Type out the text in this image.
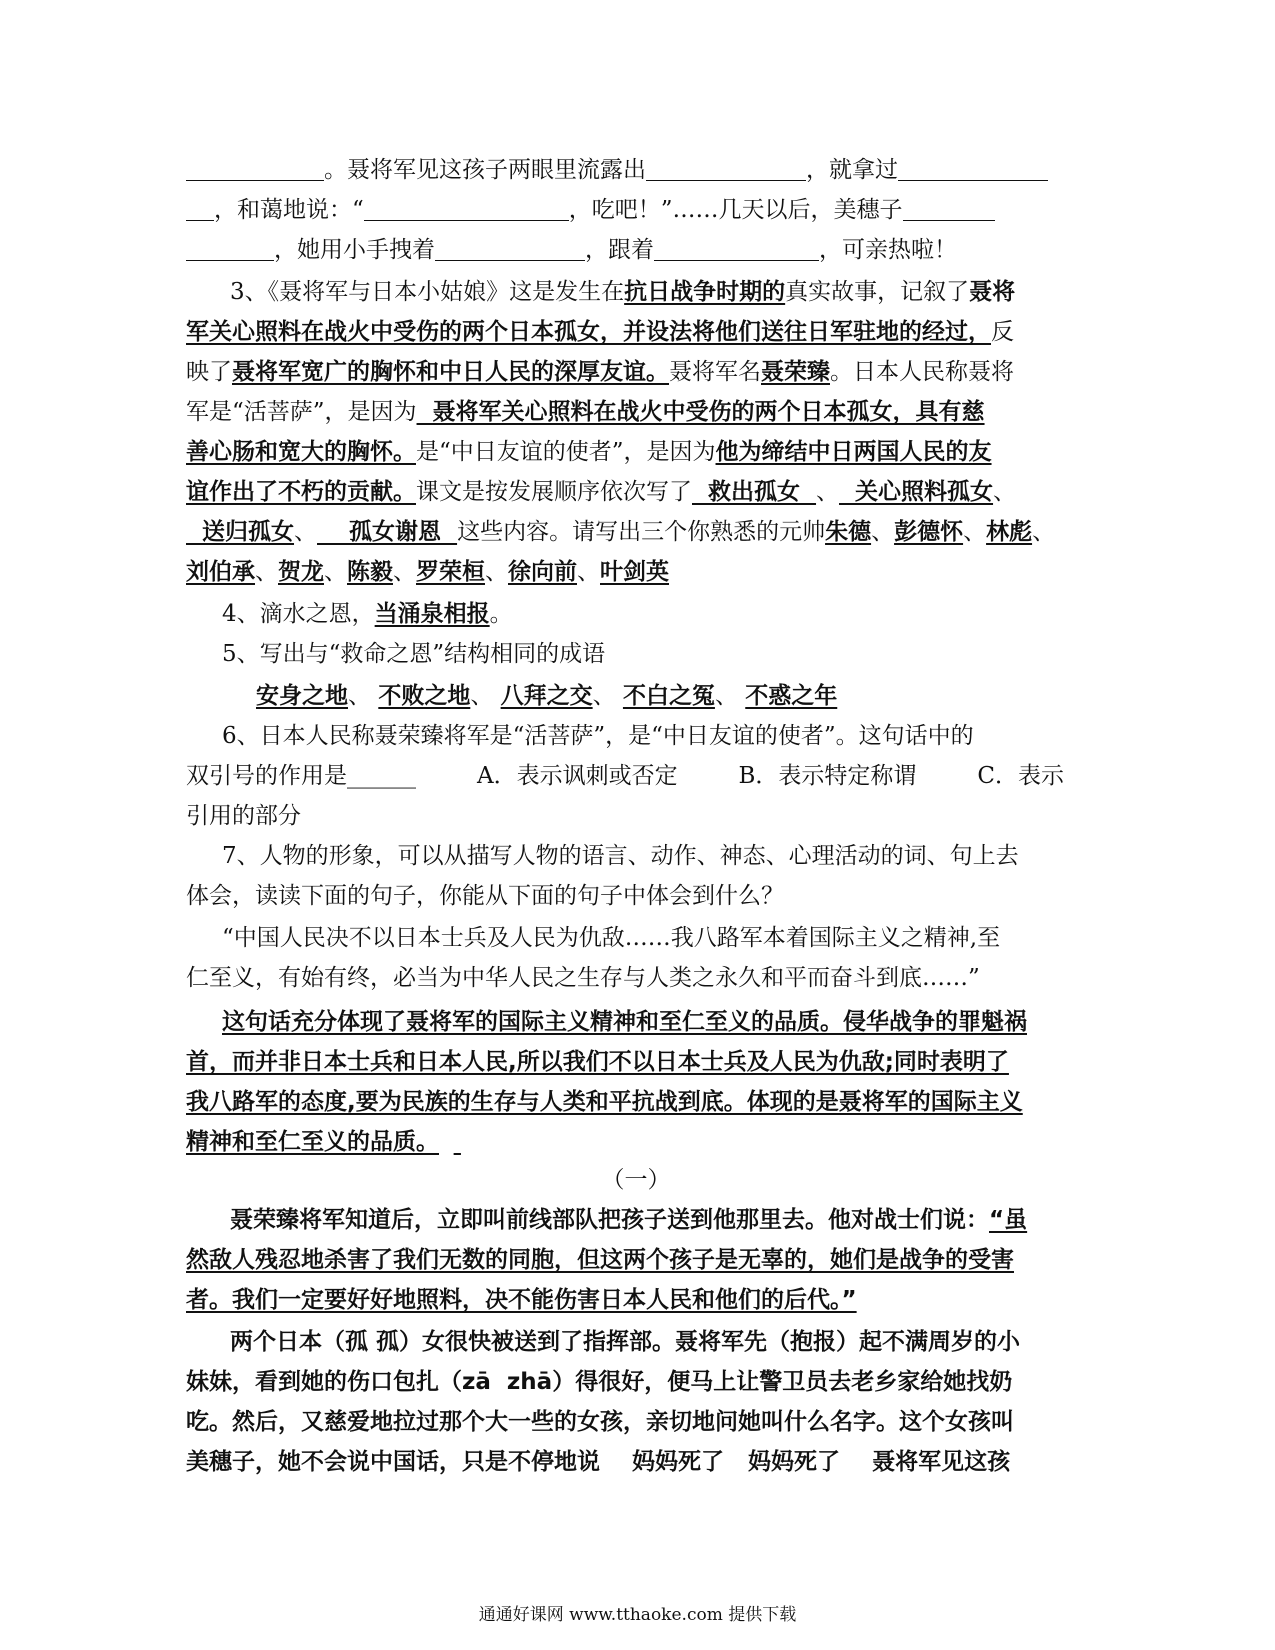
。聂将军见这孩子两眼里流露出	，就拿过
，和蔼地说：“	，吃吧！”……几天以后，美穗子
，她用小手拽着	，跟着	，可亲热啦！
3、《聂将军与日本小姑娘》这是发生在抗日战争时期的真实故事，记叙了聂将
军关心照料在战火中受伤的两个日本孤女，并设法将他们送往日军驻地的经过，反
映了聂将军宽广的胸怀和中日人民的深厚友谊。聂将军名聂荣臻。日本人民称聂将
军是“活菩萨”，是因为  聂将军关心照料在战火中受伤的两个日本孤女，具有慈
善心肠和宽大的胸怀。是“中日友谊的使者”，是因为他为缔结中日两国人民的友
谊作出了不朽的贡献。课文是按发展顺序依次写了  救出孤女  、  关心照料孤女、
送归孤女、    孤女谢恩  这些内容。请写出三个你熟悉的元帅朱德、彭德怀、林彪、
刘伯承、贺龙、陈毅、罗荣桓、徐向前、叶剑英
4、滴水之恩，当涌泉相报。
5、写出与“救命之恩”结构相同的成语
安身之地、 不败之地、 八拜之交、 不白之冤、 不惑之年
6、日本人民称聂荣臻将军是“活菩萨”，是“中日友谊的使者”。这句话中的
双引号的作用是______	A．表示讽刺或否定	B．表示特定称谓	C．表示
引用的部分
7、人物的形象，可以从描写人物的语言、动作、神态、心理活动的词、句上去
体会，读读下面的句子，你能从下面的句子中体会到什么？
“中国人民决不以日本士兵及人民为仇敌……我八路军本着国际主义之精神,至
仁至义，有始有终，必当为中华人民之生存与人类之永久和平而奋斗到底……”
这句话充分体现了聂将军的国际主义精神和至仁至义的品质。侵华战争的罪魁祸
首，而并非日本士兵和日本人民,所以我们不以日本士兵及人民为仇敌;同时表明了
我八路军的态度,要为民族的生存与人类和平抗战到底。体现的是聂将军的国际主义
精神和至仁至义的品质。
（一）
聂荣臻将军知道后，立即叫前线部队把孩子送到他那里去。他对战士们说：“虽
然敌人残忍地杀害了我们无数的同胞，但这两个孩子是无辜的，她们是战争的受害
者。我们一定要好好地照料，决不能伤害日本人民和他们的后代。”
两个日本（孤 孤）女很快被送到了指挥部。聂将军先（抱报）起不满周岁的小
妹妹，看到她的伤口包扎（zā  zhā）得很好，便马上让警卫员去老乡家给她找奶
吃。然后，又慈爱地拉过那个大一些的女孩，亲切地问她叫什么名字。这个女孩叫
美穗子，她不会说中国话，只是不停地说    妈妈死了   妈妈死了    聂将军见这孩
通通好课网 www.tthaoke.com 提供下载
